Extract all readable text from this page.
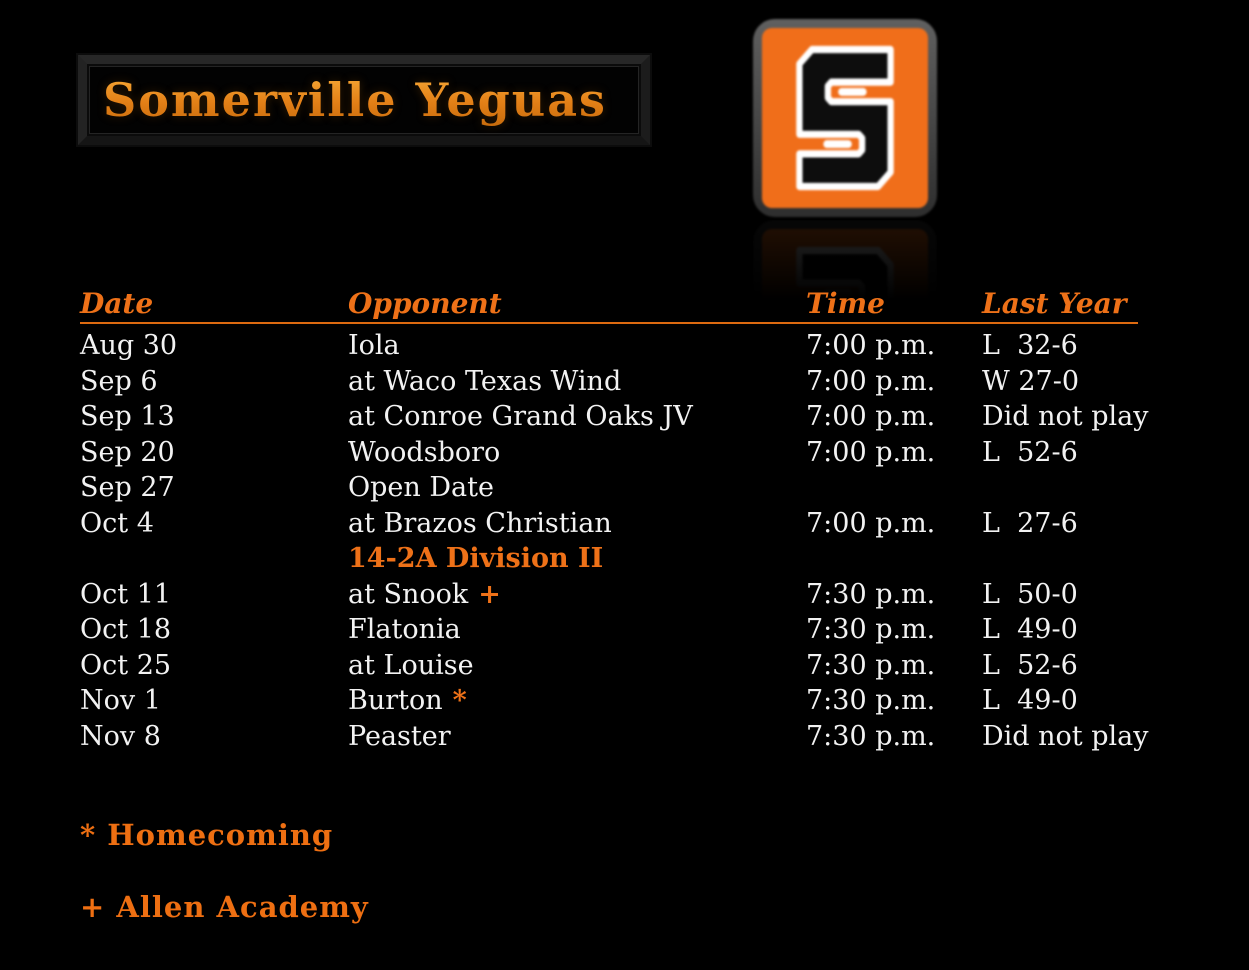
Somerville Yeguas
Date	Opponent	Time	Last Year
Aug 30	Iola	7:00 p.m.	L  32-6
Sep 6	at Waco Texas Wind	7:00 p.m.	W 27-0
Sep 13	at Conroe Grand Oaks JV	7:00 p.m.	Did not play
Sep 20	Woodsboro	7:00 p.m.	L  52-6
Sep 27	Open Date
Oct 4	at Brazos Christian	7:00 p.m.	L  27-6
14-2A Division II
Oct 11	at Snook +	7:30 p.m.	L  50-0
Oct 18	Flatonia	7:30 p.m.	L  49-0
Oct 25	at Louise	7:30 p.m.	L  52-6
Nov 1	Burton *	7:30 p.m.	L  49-0
Nov 8	Peaster	7:30 p.m.	Did not play
* Homecoming
+ Allen Academy
